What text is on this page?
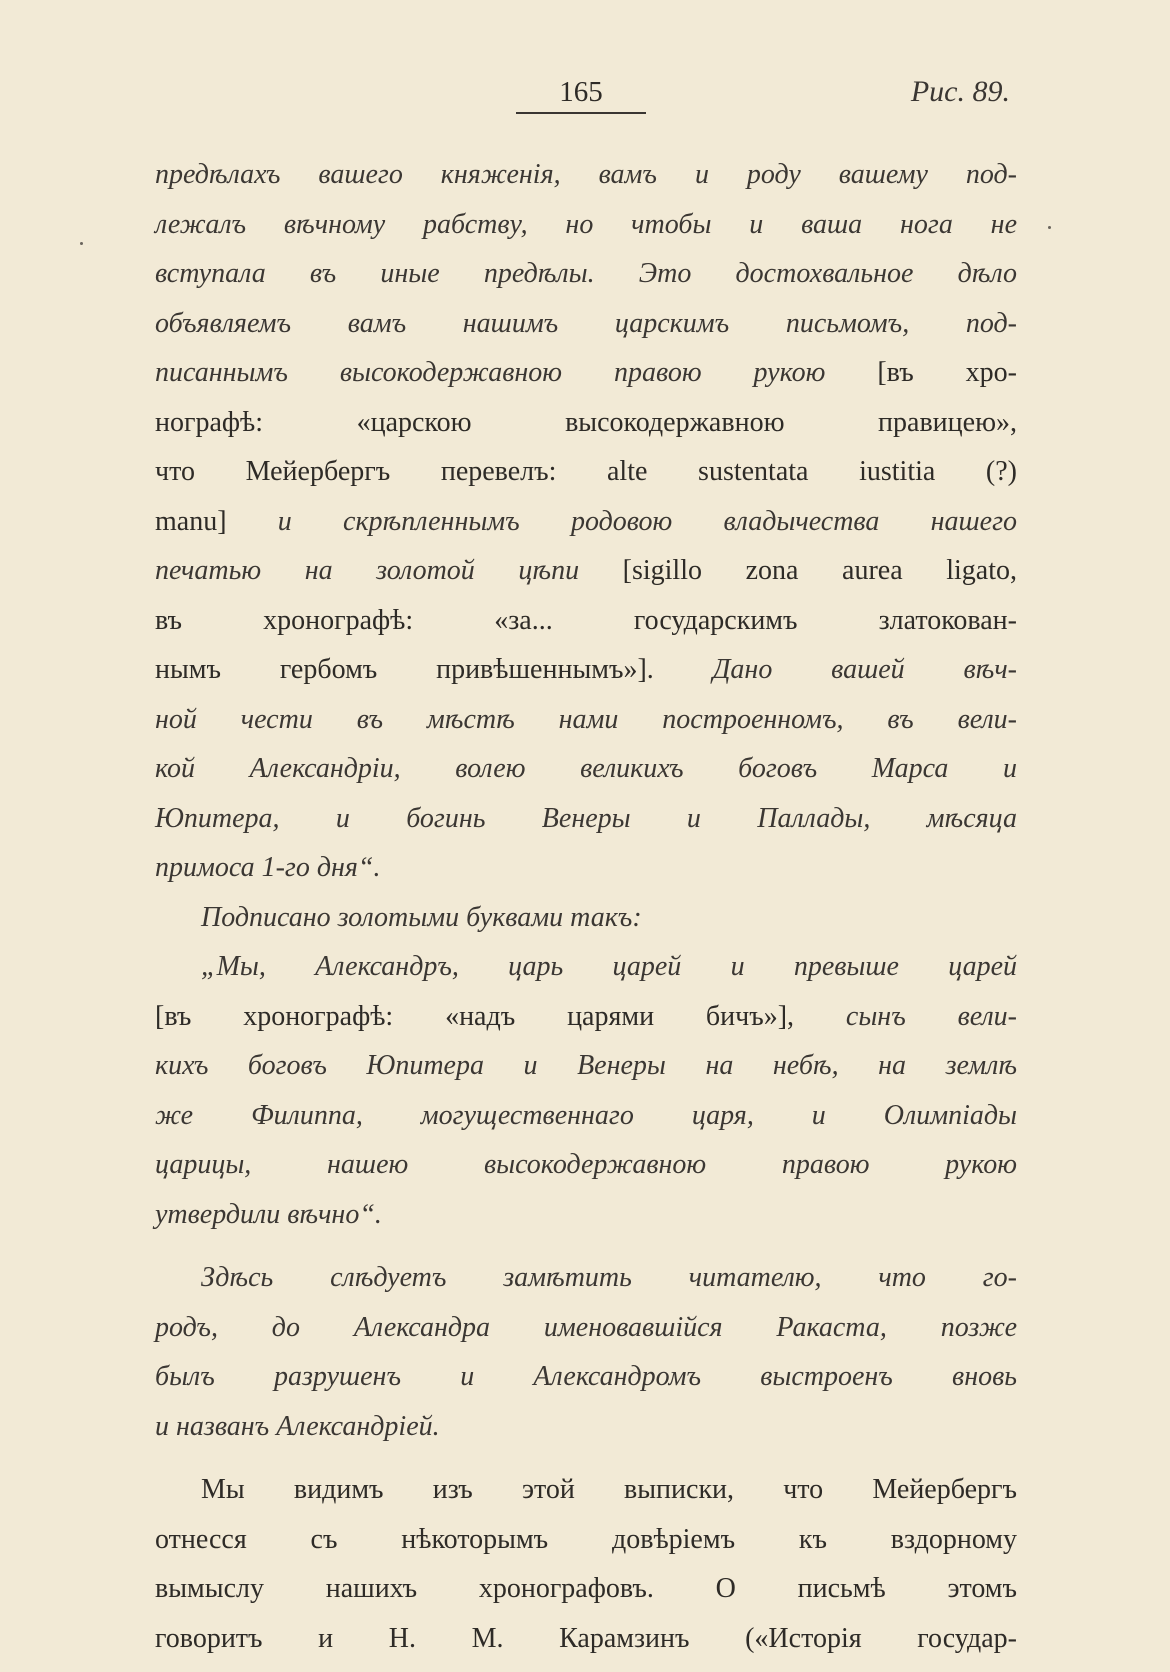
165	Рис. 89.
предѣлахъ вашего княженія, вамъ и роду вашему под-
лежалъ вѣчному рабству, но чтобы и ваша нога не
вступала въ иные предѣлы. Это достохвальное дѣло
объявляемъ вамъ нашимъ царскимъ письмомъ, под-
писаннымъ высокодержавною правою рукою [въ хро-
нографѣ: «царскою высокодержавною правицею»,
что Мейербергъ перевелъ: alte sustentata iustitia (?)
manu] и скрѣпленнымъ родовою владычества нашего
печатью на золотой цѣпи [sigillo zona aurea ligato,
въ хронографѣ: «за... государскимъ златокован-
нымъ гербомъ привѣшеннымъ»]. Дано вашей вѣч-
ной чести въ мѣстѣ нами построенномъ, въ вели-
кой Александріи, волею великихъ боговъ Марса и
Юпитера, и богинь Венеры и Паллады, мѣсяца
примоса 1-го дня“.
Подписано золотыми буквами такъ:
„Мы, Александръ, царь царей и превыше царей
[въ хронографѣ: «надъ царями бичъ»], сынъ вели-
кихъ боговъ Юпитера и Венеры на небѣ, на землѣ
же Филиппа, могущественнаго царя, и Олимпіады
царицы, нашею высокодержавною правою рукою
утвердили вѣчно“.
Здѣсь слѣдуетъ замѣтить читателю, что го-
родъ, до Александра именовавшійся Ракаста, позже
былъ разрушенъ и Александромъ выстроенъ вновь
и названъ Александріей.
Мы видимъ изъ этой выписки, что Мейербергъ
отнесся съ нѣкоторымъ довѣріемъ къ вздорному
вымыслу нашихъ хронографовъ. О письмѣ этомъ
говоритъ и Н. М. Карамзинъ («Исторія государ-
